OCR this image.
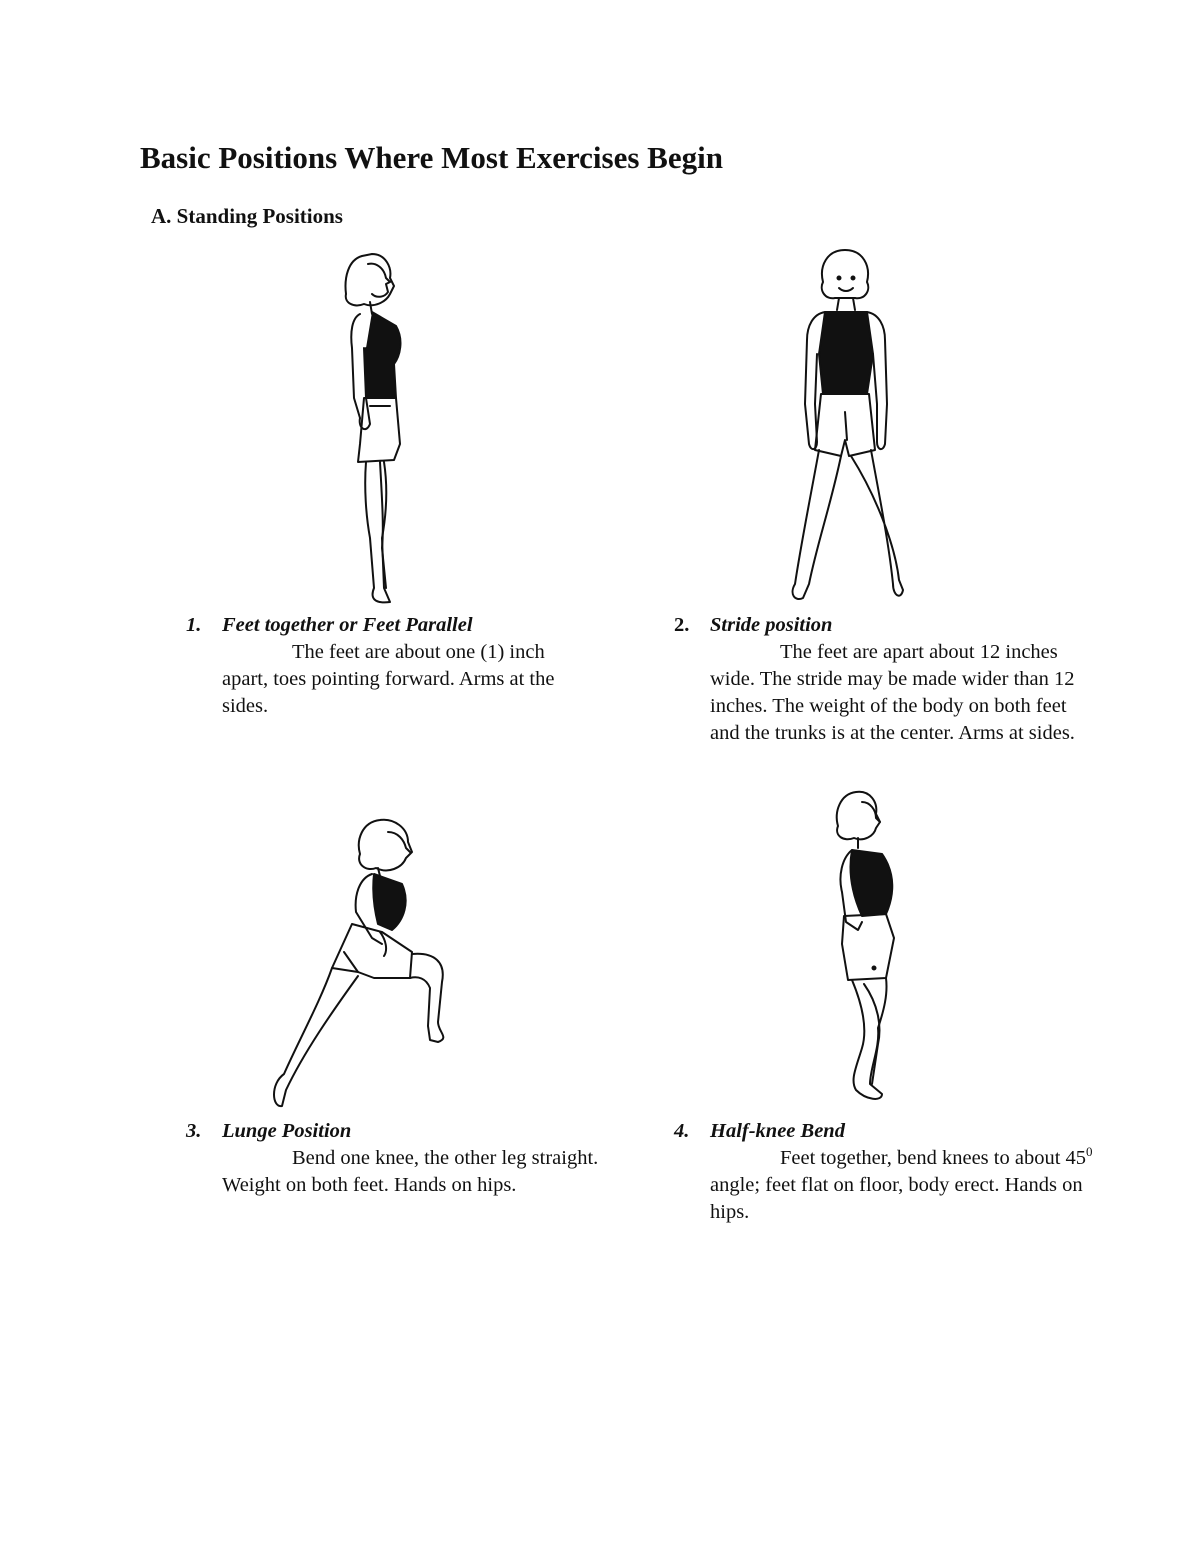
Basic Positions Where Most Exercises Begin
A. Standing Positions
1. Feet together or Feet Parallel
The feet are about one (1) inch apart, toes pointing forward. Arms at the sides.
2. Stride position
The feet are apart about 12 inches wide. The stride may be made wider than 12 inches. The weight of the body on both feet and the trunks is at the center. Arms at sides.
3. Lunge Position
Bend one knee, the other leg straight. Weight on both feet. Hands on hips.
4. Half-knee Bend
Feet together, bend knees to about $45^0$ angle; feet flat on floor, body erect. Hands on hips.
